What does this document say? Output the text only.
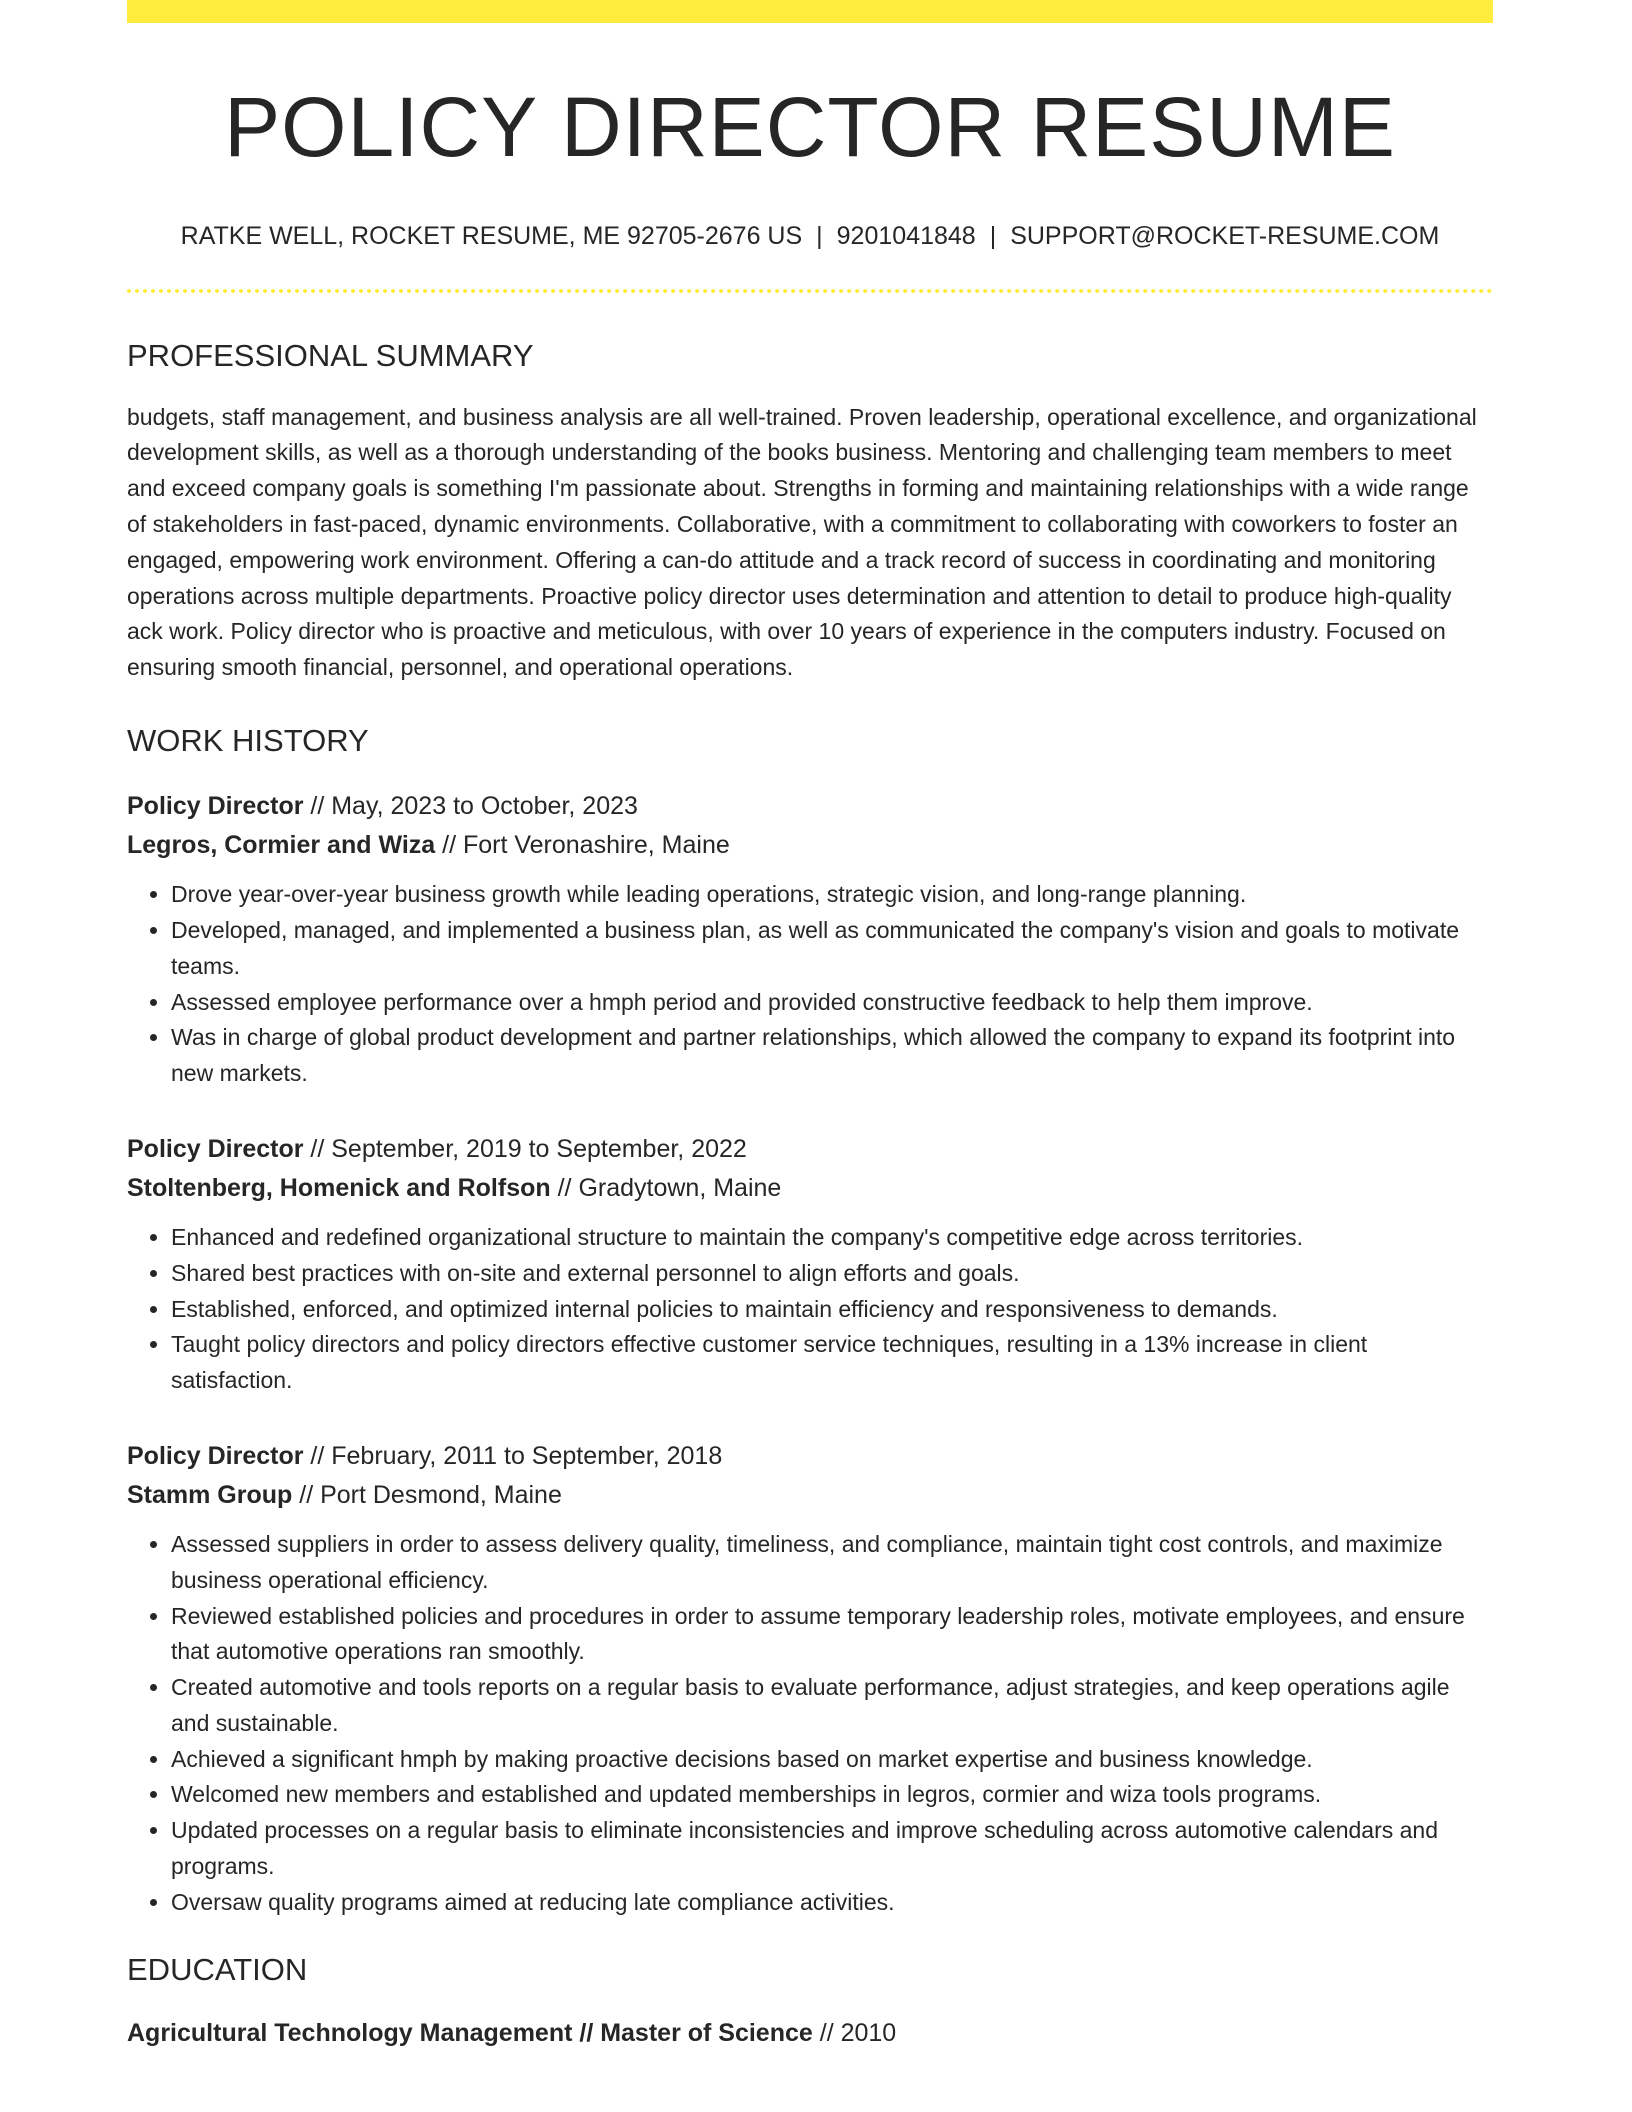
POLICY DIRECTOR RESUME
RATKE WELL, ROCKET RESUME, ME 92705-2676 US | 9201041848 | SUPPORT@ROCKET-RESUME.COM
PROFESSIONAL SUMMARY
budgets, staff management, and business analysis are all well-trained. Proven leadership, operational excellence, and organizational development skills, as well as a thorough understanding of the books business. Mentoring and challenging team members to meet and exceed company goals is something I'm passionate about. Strengths in forming and maintaining relationships with a wide range of stakeholders in fast-paced, dynamic environments. Collaborative, with a commitment to collaborating with coworkers to foster an engaged, empowering work environment. Offering a can-do attitude and a track record of success in coordinating and monitoring operations across multiple departments. Proactive policy director uses determination and attention to detail to produce high-quality ack work. Policy director who is proactive and meticulous, with over 10 years of experience in the computers industry. Focused on ensuring smooth financial, personnel, and operational operations.
WORK HISTORY
Policy Director // May, 2023 to October, 2023
Legros, Cormier and Wiza // Fort Veronashire, Maine
• Drove year-over-year business growth while leading operations, strategic vision, and long-range planning.
• Developed, managed, and implemented a business plan, as well as communicated the company's vision and goals to motivate teams.
• Assessed employee performance over a hmph period and provided constructive feedback to help them improve.
• Was in charge of global product development and partner relationships, which allowed the company to expand its footprint into new markets.
Policy Director // September, 2019 to September, 2022
Stoltenberg, Homenick and Rolfson // Gradytown, Maine
• Enhanced and redefined organizational structure to maintain the company's competitive edge across territories.
• Shared best practices with on-site and external personnel to align efforts and goals.
• Established, enforced, and optimized internal policies to maintain efficiency and responsiveness to demands.
• Taught policy directors and policy directors effective customer service techniques, resulting in a 13% increase in client satisfaction.
Policy Director // February, 2011 to September, 2018
Stamm Group // Port Desmond, Maine
• Assessed suppliers in order to assess delivery quality, timeliness, and compliance, maintain tight cost controls, and maximize business operational efficiency.
• Reviewed established policies and procedures in order to assume temporary leadership roles, motivate employees, and ensure that automotive operations ran smoothly.
• Created automotive and tools reports on a regular basis to evaluate performance, adjust strategies, and keep operations agile and sustainable.
• Achieved a significant hmph by making proactive decisions based on market expertise and business knowledge.
• Welcomed new members and established and updated memberships in legros, cormier and wiza tools programs.
• Updated processes on a regular basis to eliminate inconsistencies and improve scheduling across automotive calendars and programs.
• Oversaw quality programs aimed at reducing late compliance activities.
EDUCATION
Agricultural Technology Management // Master of Science // 2010
